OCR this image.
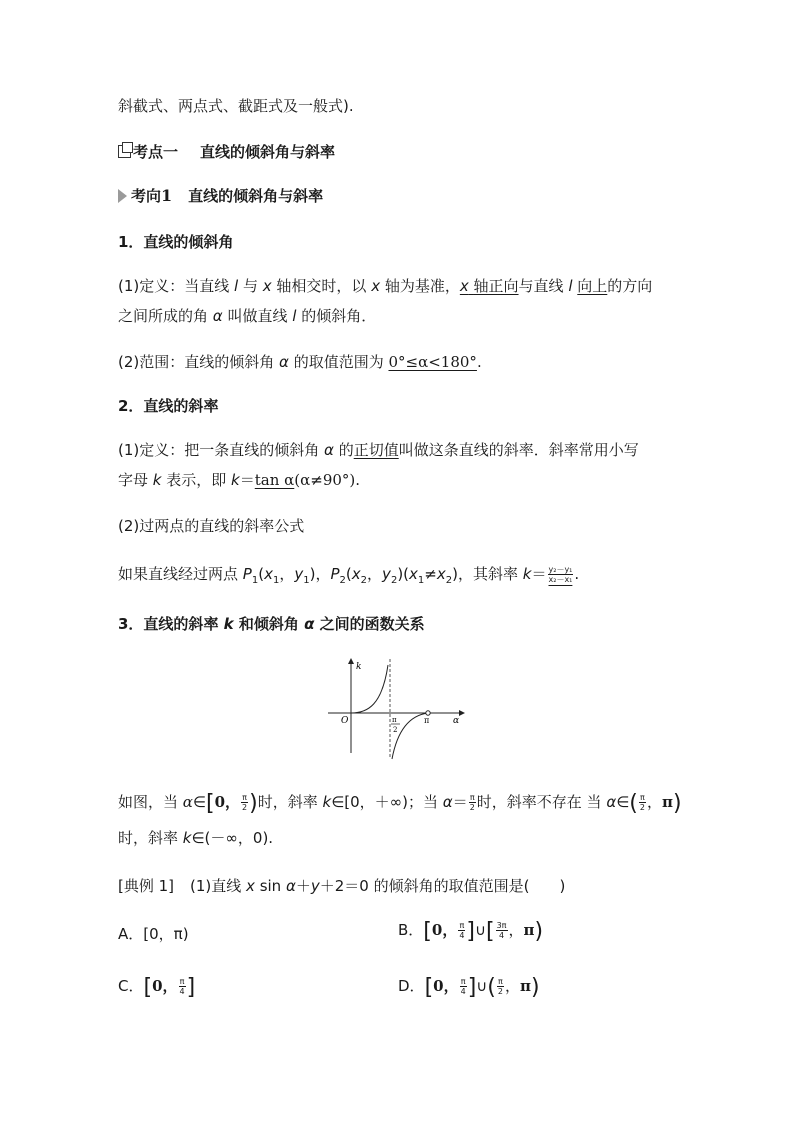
斜截式、两点式、截距式及一般式).
考点一 直线的倾斜角与斜率
考向1 直线的倾斜角与斜率
1．直线的倾斜角
(1)定义：当直线 l 与 x 轴相交时，以 x 轴为基准，x 轴正向与直线 l 向上的方向
之间所成的角 α 叫做直线 l 的倾斜角．
(2)范围：直线的倾斜角 α 的取值范围为 0°≤α<180°.
2．直线的斜率
(1)定义：把一条直线的倾斜角 α 的正切值叫做这条直线的斜率．斜率常用小写
字母 k 表示，即 k＝tan α(α≠90°).
(2)过两点的直线的斜率公式
如果直线经过两点 $P_1(x_1$，$y_1$)，$P_2(x_2$，$y_2)(x_1\ne x_2)$，其斜率 $k= \frac{\text{y₂－y₁}}{\text{x₂－x₁}}$ .
3．直线的斜率 k 和倾斜角 α 之间的函数关系
k
O	α
π
π
2
如图，当 α∈[0， $\frac{\pi}{2}$ )时，斜率 k∈[0，＋∞)；当 $\alpha= \frac{\pi}{2}$ 时，斜率不存在 当 α∈( $\frac{\pi}{2}$ ，π)
时，斜率 k∈(－∞，0).
[典例 1] (1)直线 x sin α＋y＋2＝0 的倾斜角的取值范围是( )
A．[0，π)	B．[0， $\frac{\pi}{4}$ ]∪[ $\frac{3\pi}{4}$ ，π)
C．[0， $\frac{\pi}{4}$ ]	D．[0， $\frac{\pi}{4}$ ]∪( $\frac{\pi}{2}$ ，π)
